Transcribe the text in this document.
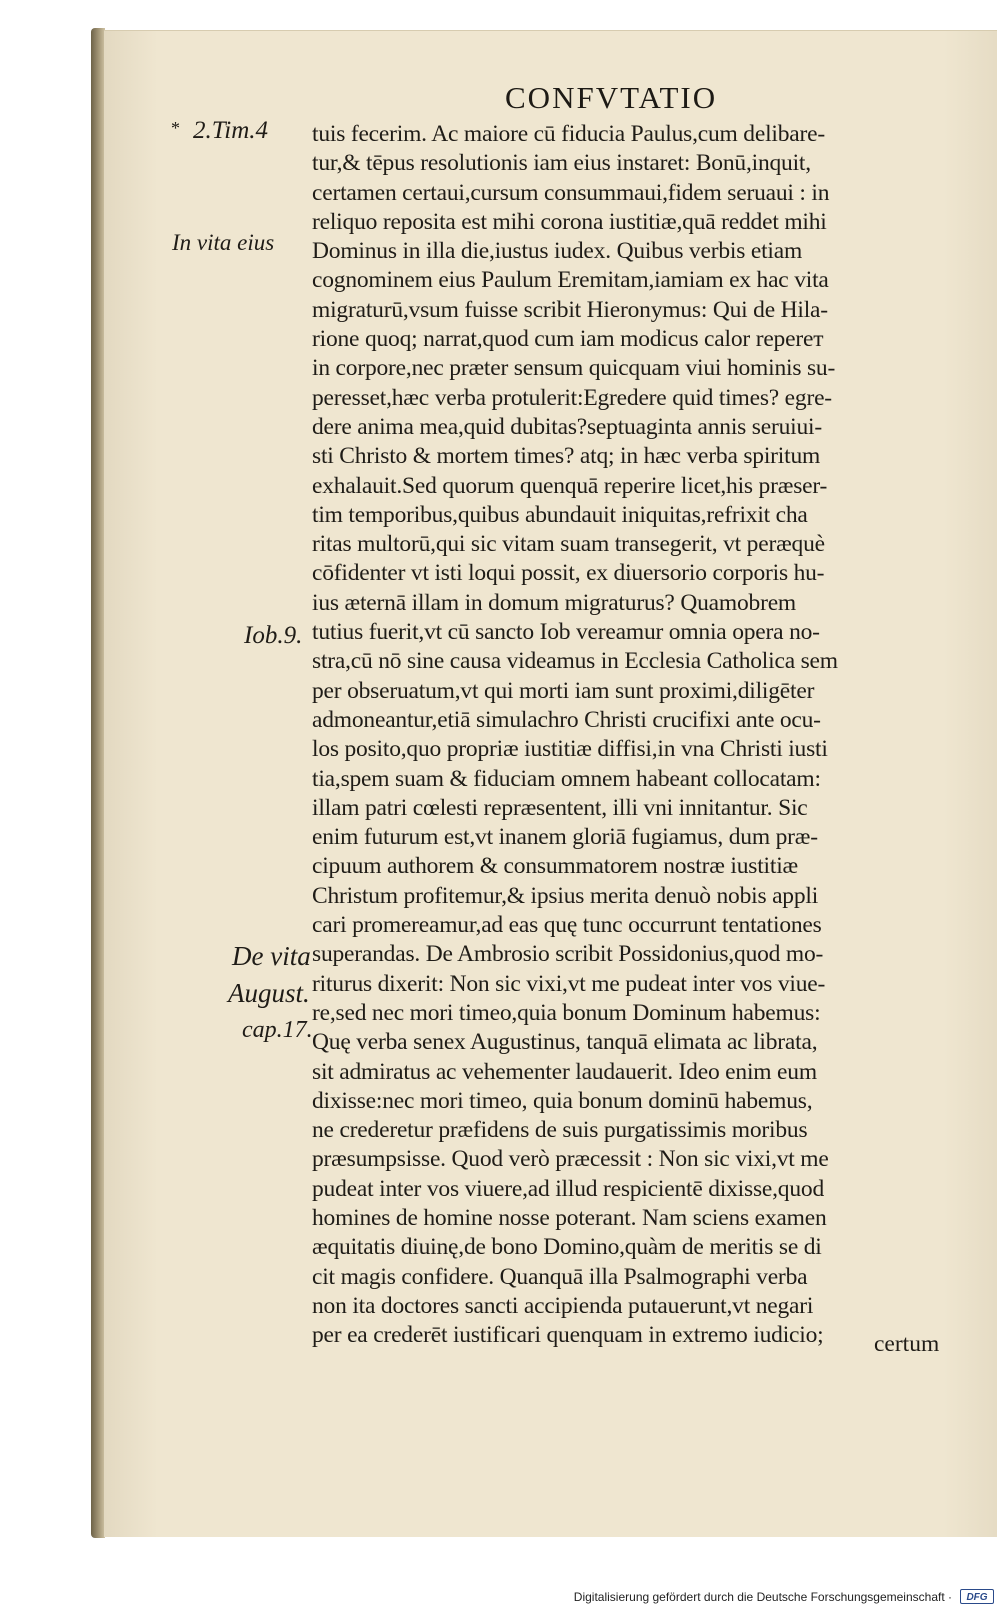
CONFVTATIO
* 2.Tim.4
In vita eius
Iob.9.
De vita
August.
cap.17.
tuis fecerim. Ac maiore cū fiducia Paulus,cum delibare-
tur,& tēpus resolutionis iam eius instaret: Bonū,inquit,
certamen certaui,cursum consummaui,fidem seruaui : in
reliquo reposita est mihi corona iustitiæ,quā reddet mihi
Dominus in illa die,iustus iudex. Quibus verbis etiam
cognominem eius Paulum Eremitam,iamiam ex hac vita
migraturū,vsum fuisse scribit Hieronymus: Qui de Hila-
rione quoq; narrat,quod cum iam modicus calor repereт
in corpore,nec præter sensum quicquam viui hominis su-
peresset,hæc verba protulerit:Egredere quid times? egre-
dere anima mea,quid dubitas?septuaginta annis seruiui-
sti Christo & mortem times? atq; in hæc verba spiritum
exhalauit.Sed quorum quenquā reperire licet,his præser-
tim temporibus,quibus abundauit iniquitas,refrixit cha
ritas multorū,qui sic vitam suam transegerit, vt peræquè
cōfidenter vt isti loqui possit, ex diuersorio corporis hu-
ius æternā illam in domum migraturus? Quamobrem
tutius fuerit,vt cū sancto Iob vereamur omnia opera no-
stra,cū nō sine causa videamus in Ecclesia Catholica sem
per obseruatum,vt qui morti iam sunt proximi,diligēter
admoneantur,etiā simulachro Christi crucifixi ante ocu-
los posito,quo propriæ iustitiæ diffisi,in vna Christi iusti
tia,spem suam & fiduciam omnem habeant collocatam:
illam patri cœlesti repræsentent, illi vni innitantur. Sic
enim futurum est,vt inanem gloriā fugiamus, dum præ-
cipuum authorem & consummatorem nostræ iustitiæ
Christum profitemur,& ipsius merita denuò nobis appli
cari promereamur,ad eas quę tunc occurrunt tentationes
superandas. De Ambrosio scribit Possidonius,quod mo-
riturus dixerit: Non sic vixi,vt me pudeat inter vos viue-
re,sed nec mori timeo,quia bonum Dominum habemus:
Quę verba senex Augustinus, tanquā elimata ac librata,
sit admiratus ac vehementer laudauerit. Ideo enim eum
dixisse:nec mori timeo, quia bonum dominū habemus,
ne crederetur præfidens de suis purgatissimis moribus
præsumpsisse. Quod verò præcessit : Non sic vixi,vt me
pudeat inter vos viuere,ad illud respicientē dixisse,quod
homines de homine nosse poterant. Nam sciens examen
æquitatis diuinę,de bono Domino,quàm de meritis se di
cit magis confidere. Quanquā illa Psalmographi verba
non ita doctores sancti accipienda putauerunt,vt negari
per ea crederēt iustificari quenquam in extremo iudicio;	certum
Digitalisierung gefördert durch die Deutsche Forschungsgemeinschaft ·	DFG
